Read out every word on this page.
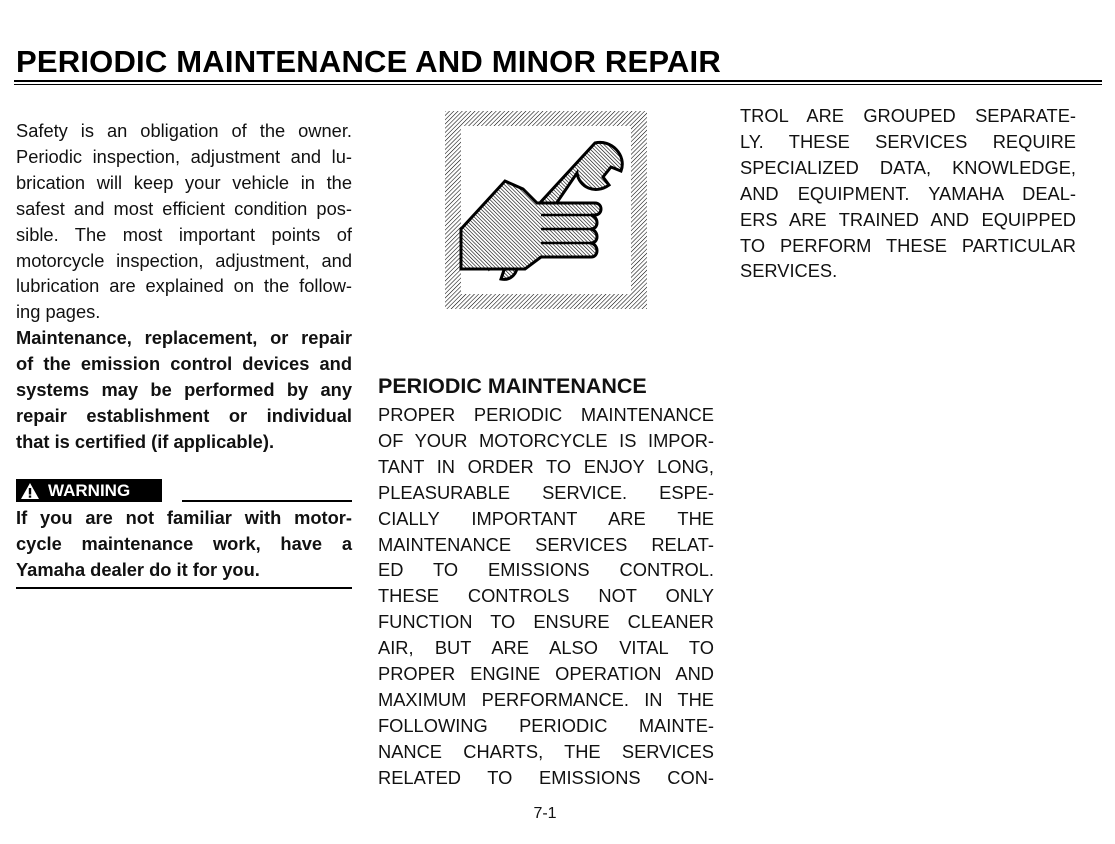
PERIODIC MAINTENANCE AND MINOR REPAIR
Safety is an obligation of the owner.
Periodic inspection, adjustment and lu-
brication will keep your vehicle in the
safest and most efficient condition pos-
sible. The most important points of
motorcycle inspection, adjustment, and
lubrication are explained on the follow-
ing pages.
Maintenance, replacement, or repair
of the emission control devices and
systems may be performed by any
repair establishment or individual
that is certified (if applicable).
WARNING
If you are not familiar with motor-
cycle maintenance work, have a
Yamaha dealer do it for you.
PERIODIC MAINTENANCE
PROPER PERIODIC MAINTENANCE
OF YOUR MOTORCYCLE IS IMPOR-
TANT IN ORDER TO ENJOY LONG,
PLEASURABLE SERVICE. ESPE-
CIALLY IMPORTANT ARE THE
MAINTENANCE SERVICES RELAT-
ED TO EMISSIONS CONTROL.
THESE CONTROLS NOT ONLY
FUNCTION TO ENSURE CLEANER
AIR, BUT ARE ALSO VITAL TO
PROPER ENGINE OPERATION AND
MAXIMUM PERFORMANCE. IN THE
FOLLOWING PERIODIC MAINTE-
NANCE CHARTS, THE SERVICES
RELATED TO EMISSIONS CON-
TROL ARE GROUPED SEPARATE-
LY. THESE SERVICES REQUIRE
SPECIALIZED DATA, KNOWLEDGE,
AND EQUIPMENT. YAMAHA DEAL-
ERS ARE TRAINED AND EQUIPPED
TO PERFORM THESE PARTICULAR
SERVICES.
7-1
